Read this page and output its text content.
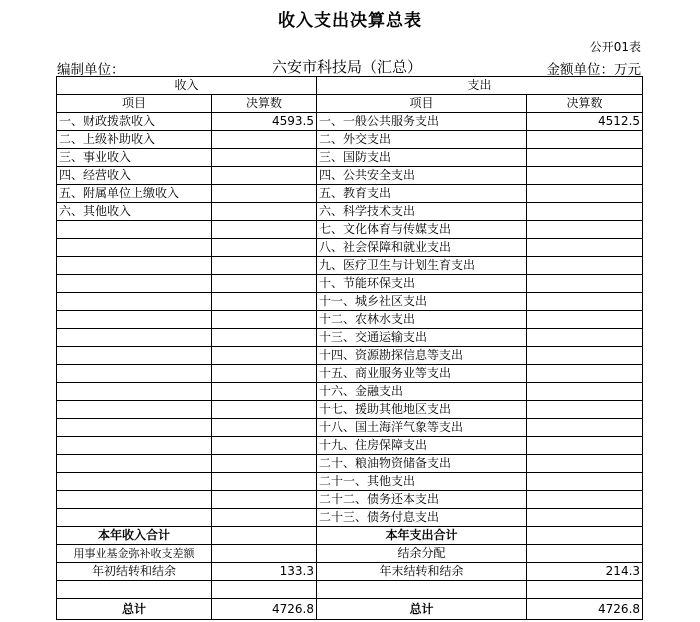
收入支出决算总表
公开01表
编制单位：	六安市科技局（汇总）	金额单位：万元
收入		支出	
项目	决算数	项目	决算数
一、财政拨款收入	4593.5	一、一般公共服务支出	4512.5
二、上级补助收入		二、外交支出	
三、事业收入		三、国防支出	
四、经营收入		四、公共安全支出	
五、附属单位上缴收入		五、教育支出	
六、其他收入		六、科学技术支出	
		七、文化体育与传媒支出	
		八、社会保障和就业支出	
		九、医疗卫生与计划生育支出	
		十、节能环保支出	
		十一、城乡社区支出	
		十二、农林水支出	
		十三、交通运输支出	
		十四、资源勘探信息等支出	
		十五、商业服务业等支出	
		十六、金融支出	
		十七、援助其他地区支出	
		十八、国土海洋气象等支出	
		十九、住房保障支出	
		二十、粮油物资储备支出	
		二十一、其他支出	
		二十二、债务还本支出	
		二十三、债务付息支出	
本年收入合计		本年支出合计	
用事业基金弥补收支差额		结余分配	
年初结转和结余	133.3	年末结转和结余	214.3

总计	4726.8	总计	4726.8
